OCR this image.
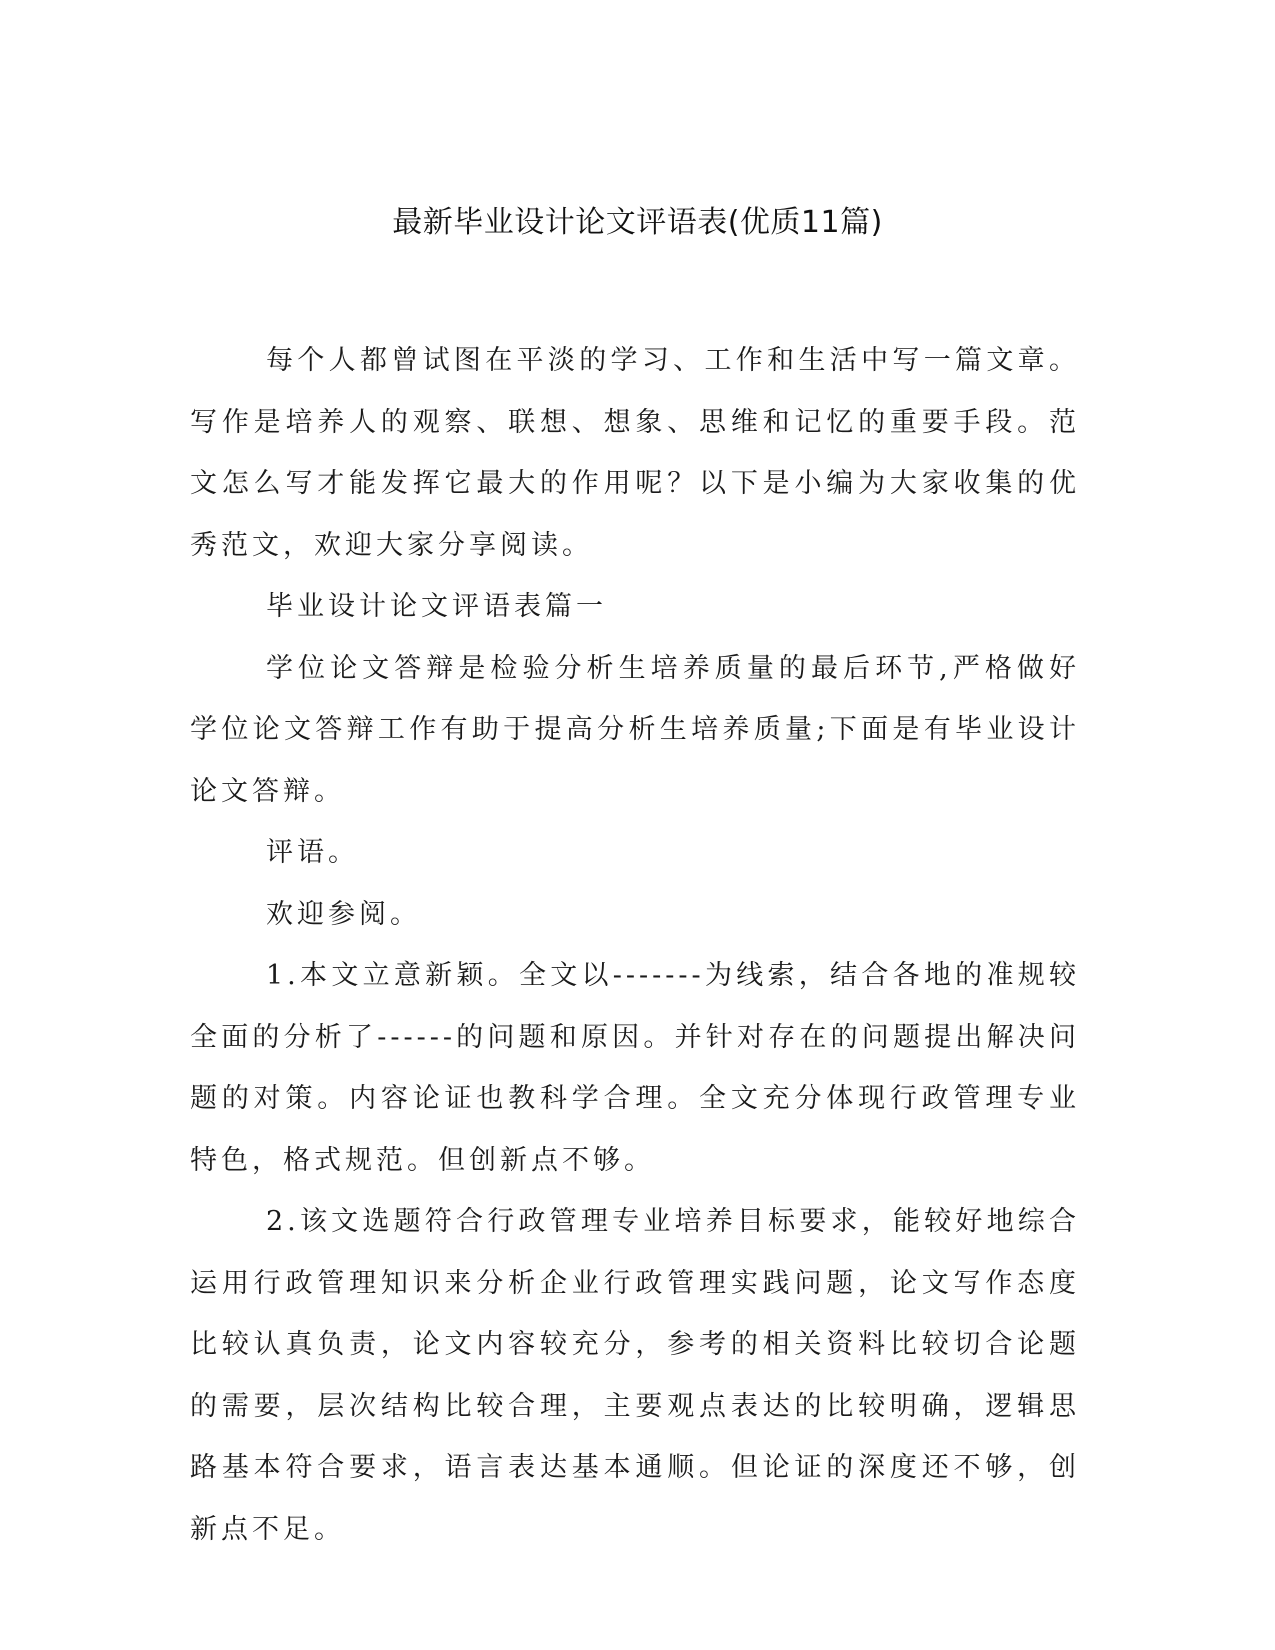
最新毕业设计论文评语表(优质11篇)

每个人都曾试图在平淡的学习、工作和生活中写一篇文章。写作是培养人的观察、联想、想象、思维和记忆的重要手段。范文怎么写才能发挥它最大的作用呢？以下是小编为大家收集的优秀范文，欢迎大家分享阅读。

毕业设计论文评语表篇一

学位论文答辩是检验分析生培养质量的最后环节,严格做好学位论文答辩工作有助于提高分析生培养质量;下面是有毕业设计论文答辩。

评语。

欢迎参阅。

1.本文立意新颖。全文以-------为线索，结合各地的准规较全面的分析了------的问题和原因。并针对存在的问题提出解决问题的对策。内容论证也教科学合理。全文充分体现行政管理专业特色，格式规范。但创新点不够。

2.该文选题符合行政管理专业培养目标要求，能较好地综合运用行政管理知识来分析企业行政管理实践问题，论文写作态度比较认真负责，论文内容较充分，参考的相关资料比较切合论题的需要，层次结构比较合理，主要观点表达的比较明确，逻辑思路基本符合要求，语言表达基本通顺。但论证的深度还不够，创新点不足。
